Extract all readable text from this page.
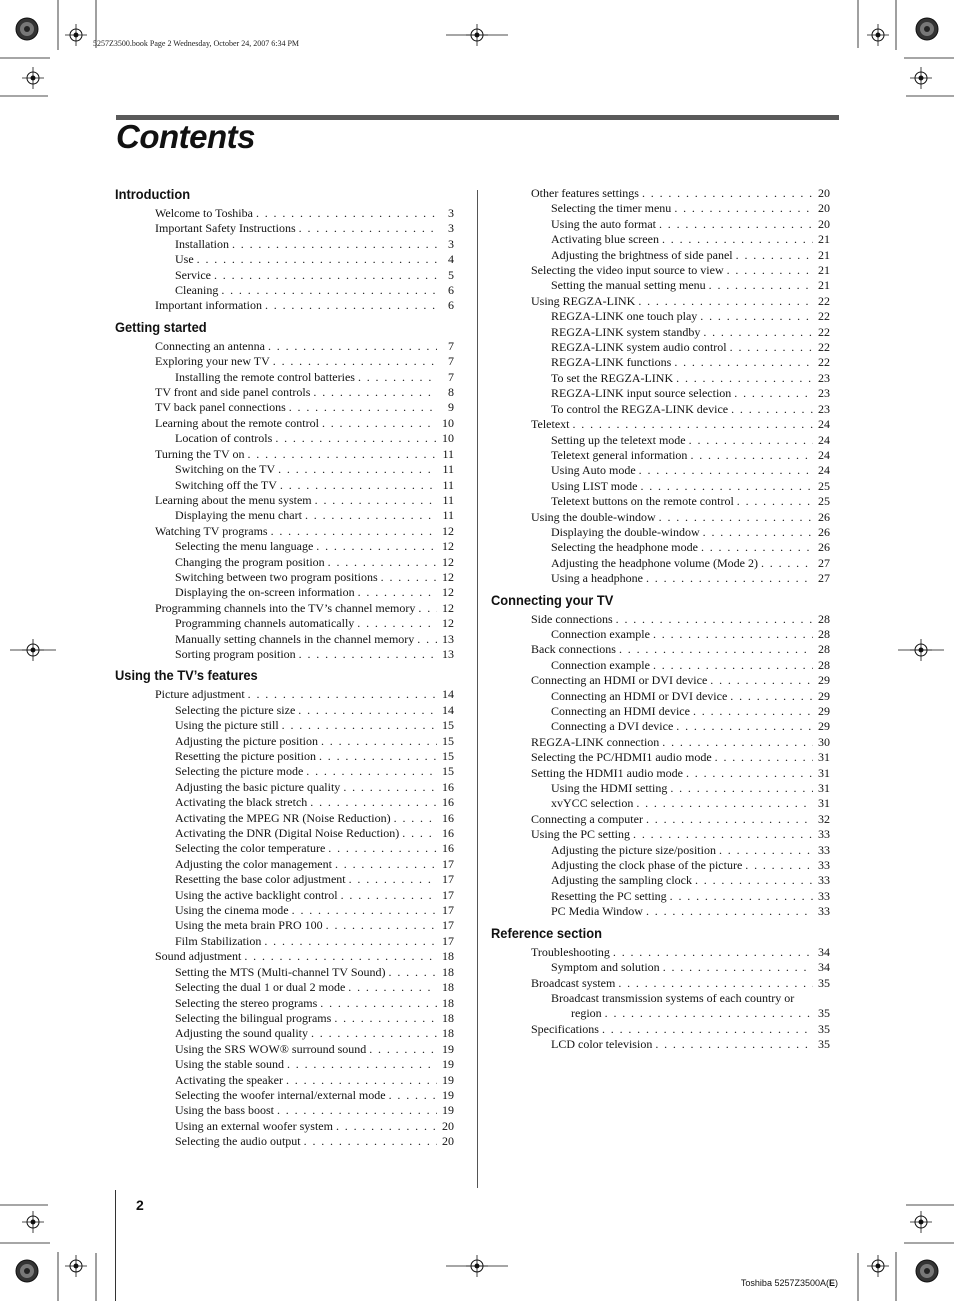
5257Z3500.book Page 2 Wednesday, October 24, 2007 6:34 PM
Contents
Introduction
Welcome to Toshiba . . .	3
Important Safety Instructions . . .	3
Installation . . .	3
Use . . .	4
Service . . .	5
Cleaning . . .	6
Important information . . .	6
Getting started
Connecting an antenna . . .	7
Exploring your new TV . . .	7
Installing the remote control batteries . . .	7
TV front and side panel controls . . .	8
TV back panel connections . . .	9
Learning about the remote control . . .	10
Location of controls . . .	10
Turning the TV on . . .	11
Switching on the TV . . .	11
Switching off the TV . . .	11
Learning about the menu system . . .	11
Displaying the menu chart . . .	11
Watching TV programs . . .	12
Selecting the menu language . . .	12
Changing the program position . . .	12
Switching between two program positions . . .	12
Displaying the on-screen information . . .	12
Programming channels into the TV’s channel memory . . . 12
Programming channels automatically . . .	12
Manually setting channels in the channel memory . . . 13
Sorting program position . . .	13
Using the TV’s features
Picture adjustment . . .	14
Selecting the picture size . . .	14
Using the picture still . . .	15
Adjusting the picture position . . .	15
Resetting the picture position . . .	15
Selecting the picture mode . . .	15
Adjusting the basic picture quality . . .	16
Activating the black stretch . . .	16
Activating the MPEG NR (Noise Reduction) . . .	16
Activating the DNR (Digital Noise Reduction) . . .	16
Selecting the color temperature . . .	16
Adjusting the color management . . .	17
Resetting the base color adjustment . . .	17
Using the active backlight control . . .	17
Using the cinema mode . . .	17
Using the meta brain PRO 100 . . .	17
Film Stabilization . . .	17
Sound adjustment . . .	18
Setting the MTS (Multi-channel TV Sound) . . .	18
Selecting the dual 1 or dual 2 mode . . .	18
Selecting the stereo programs . . .	18
Selecting the bilingual programs . . .	18
Adjusting the sound quality . . .	18
Using the SRS WOW® surround sound . . .	19
Using the stable sound . . .	19
Activating the speaker . . .	19
Selecting the woofer internal/external mode . . .	19
Using the bass boost . . .	19
Using an external woofer system . . .	20
Selecting the audio output . . .	20
Other features settings . . .	20
Selecting the timer menu . . .	20
Using the auto format . . .	20
Activating blue screen . . .	21
Adjusting the brightness of side panel . . .	21
Selecting the video input source to view . . .	21
Setting the manual setting menu . . .	21
Using REGZA-LINK . . .	22
REGZA-LINK one touch play . . .	22
REGZA-LINK system standby . . .	22
REGZA-LINK system audio control . . .	22
REGZA-LINK functions . . .	22
To set the REGZA-LINK . . .	23
REGZA-LINK input source selection . . .	23
To control the REGZA-LINK device . . .	23
Teletext . . .	24
Setting up the teletext mode . . .	24
Teletext general information . . .	24
Using Auto mode . . .	24
Using LIST mode . . .	25
Teletext buttons on the remote control . . .	25
Using the double-window . . .	26
Displaying the double-window . . .	26
Selecting the headphone mode . . .	26
Adjusting the headphone volume (Mode 2) . . .	27
Using a headphone . . .	27
Connecting your TV
Side connections . . .	28
Connection example . . .	28
Back connections . . .	28
Connection example . . .	28
Connecting an HDMI or DVI device . . .	29
Connecting an HDMI or DVI device . . .	29
Connecting an HDMI device . . .	29
Connecting a DVI device . . .	29
REGZA-LINK connection . . .	30
Selecting the PC/HDMI1 audio mode . . .	31
Setting the HDMI1 audio mode . . .	31
Using the HDMI setting . . .	31
xvYCC selection . . .	31
Connecting a computer . . .	32
Using the PC setting . . .	33
Adjusting the picture size/position . . .	33
Adjusting the clock phase of the picture . . .	33
Adjusting the sampling clock . . .	33
Resetting the PC setting . . .	33
PC Media Window . . .	33
Reference section
Troubleshooting . . .	34
Symptom and solution . . .	34
Broadcast system . . .	35
Broadcast transmission systems of each country or
region . . .	35
Specifications . . .	35
LCD color television . . .	35
2
Toshiba 5257Z3500A(E)
